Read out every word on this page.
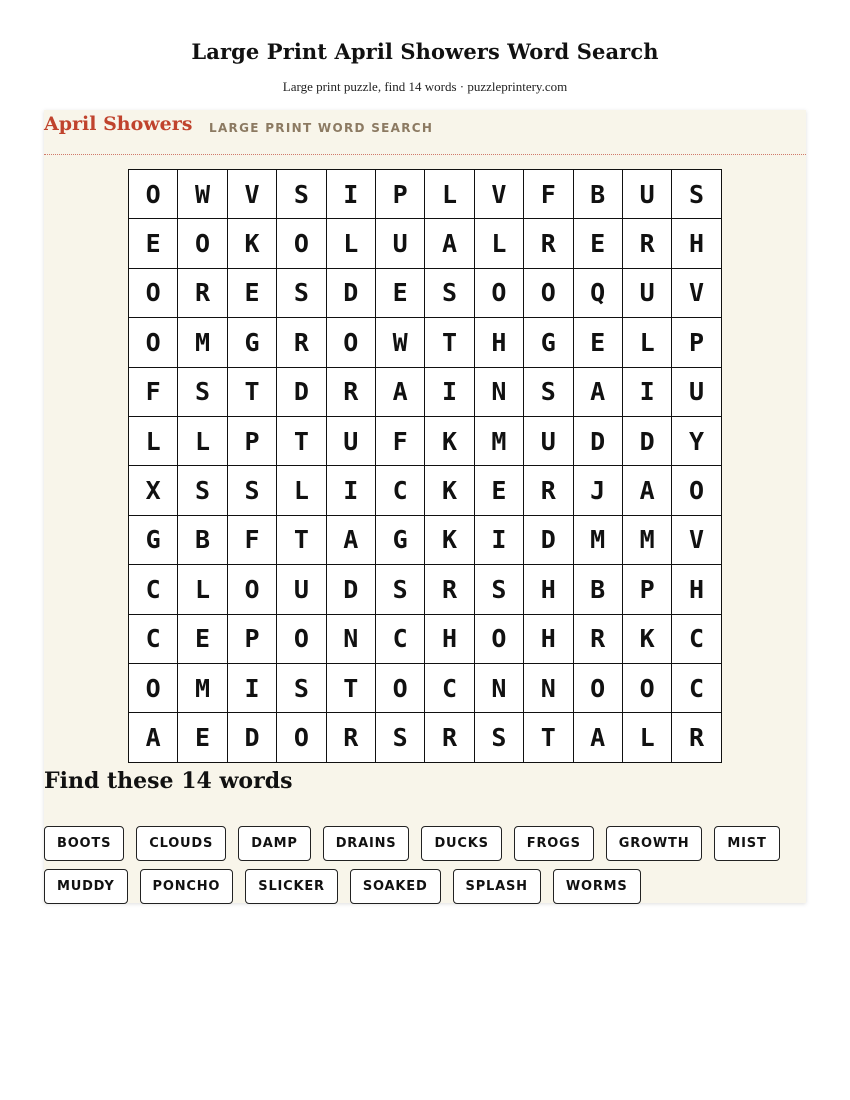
Large Print April Showers Word Search
Large print puzzle, find 14 words · puzzleprintery.com
April Showers LARGE PRINT WORD SEARCH
O	W	V	S	I	P	L	V	F	B	U	S
E	O	K	O	L	U	A	L	R	E	R	H
O	R	E	S	D	E	S	O	O	Q	U	V
O	M	G	R	O	W	T	H	G	E	L	P
F	S	T	D	R	A	I	N	S	A	I	U
L	L	P	T	U	F	K	M	U	D	D	Y
X	S	S	L	I	C	K	E	R	J	A	O
G	B	F	T	A	G	K	I	D	M	M	V
C	L	O	U	D	S	R	S	H	B	P	H
C	E	P	O	N	C	H	O	H	R	K	C
O	M	I	S	T	O	C	N	N	O	O	C
A	E	D	O	R	S	R	S	T	A	L	R
Find these 14 words
BOOTS	CLOUDS	DAMP	DRAINS	DUCKS	FROGS	GROWTH	MIST
MUDDY	PONCHO	SLICKER	SOAKED	SPLASH	WORMS
